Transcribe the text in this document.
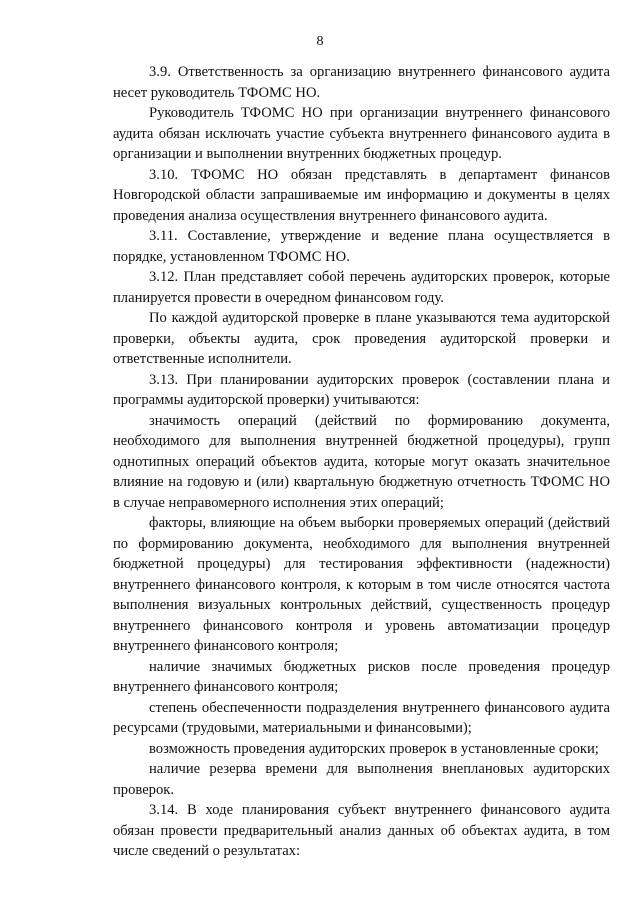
8

3.9. Ответственность за организацию внутреннего финансового аудита несет руководитель ТФОМС НО.

Руководитель ТФОМС НО при организации внутреннего финансового аудита обязан исключать участие субъекта внутреннего финансового аудита в организации и выполнении внутренних бюджетных процедур.

3.10. ТФОМС НО обязан представлять в департамент финансов Новгородской области запрашиваемые им информацию и документы в целях проведения анализа осуществления внутреннего финансового аудита.

3.11. Составление, утверждение и ведение плана осуществляется в порядке, установленном ТФОМС НО.

3.12. План представляет собой перечень аудиторских проверок, которые планируется провести в очередном финансовом году.

По каждой аудиторской проверке в плане указываются тема аудиторской проверки, объекты аудита, срок проведения аудиторской проверки и ответственные исполнители.

3.13. При планировании аудиторских проверок (составлении плана и программы аудиторской проверки) учитываются:

значимость операций (действий по формированию документа, необходимого для выполнения внутренней бюджетной процедуры), групп однотипных операций объектов аудита, которые могут оказать значительное влияние на годовую и (или) квартальную бюджетную отчетность ТФОМС НО в случае неправомерного исполнения этих операций;

факторы, влияющие на объем выборки проверяемых операций (действий по формированию документа, необходимого для выполнения внутренней бюджетной процедуры) для тестирования эффективности (надежности) внутреннего финансового контроля, к которым в том числе относятся частота выполнения визуальных контрольных действий, существенность процедур внутреннего финансового контроля и уровень автоматизации процедур внутреннего финансового контроля;

наличие значимых бюджетных рисков после проведения процедур внутреннего финансового контроля;

степень обеспеченности подразделения внутреннего финансового аудита ресурсами (трудовыми, материальными и финансовыми);

возможность проведения аудиторских проверок в установленные сроки;

наличие резерва времени для выполнения внеплановых аудиторских проверок.

3.14. В ходе планирования субъект внутреннего финансового аудита обязан провести предварительный анализ данных об объектах аудита, в том числе сведений о результатах:
